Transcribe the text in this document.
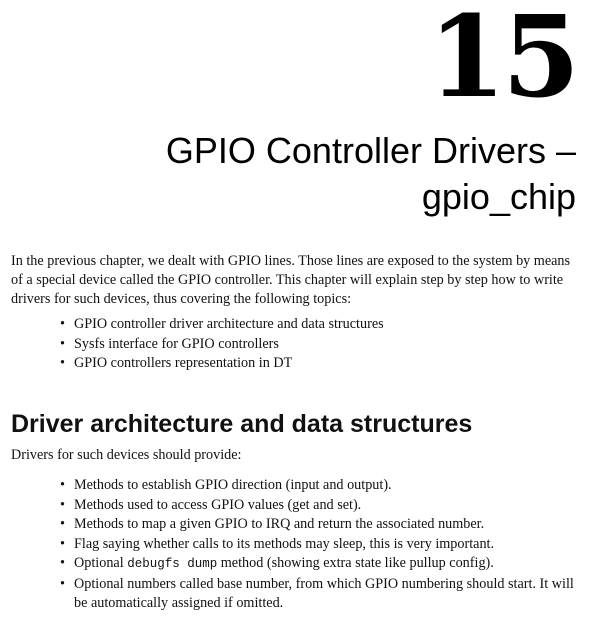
15
GPIO Controller Drivers –
gpio_chip

In the previous chapter, we dealt with GPIO lines. Those lines are exposed to the system by means of a special device called the GPIO controller. This chapter will explain step by step how to write drivers for such devices, thus covering the following topics:

• GPIO controller driver architecture and data structures
• Sysfs interface for GPIO controllers
• GPIO controllers representation in DT
Driver architecture and data structures

Drivers for such devices should provide:

• Methods to establish GPIO direction (input and output).
• Methods used to access GPIO values (get and set).
• Methods to map a given GPIO to IRQ and return the associated number.
• Flag saying whether calls to its methods may sleep, this is very important.
• Optional debugfs dump method (showing extra state like pullup config).
• Optional numbers called base number, from which GPIO numbering should start. It will be automatically assigned if omitted.
